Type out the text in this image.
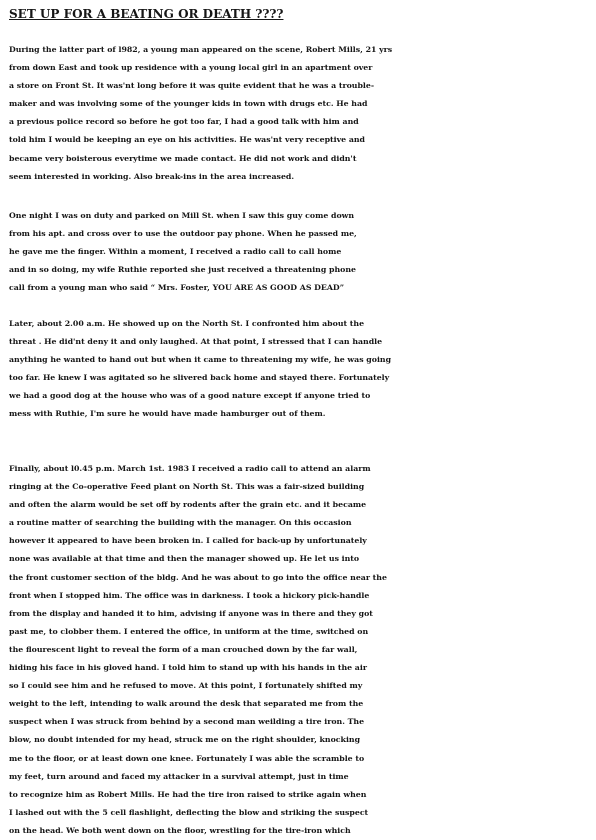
SET UP FOR A BEATING OR DEATH ????
During the latter part of l982, a young man appeared on the scene, Robert Mills, 21 yrs
from down East and took up residence with a young local girl in an apartment over
a store on Front St. It was'nt long before it was quite evident that he was a trouble-
maker and was involving some of the younger kids in town with drugs etc. He had
a previous police record so before he got too far, I had a good talk with him and
told him I would be keeping an eye on his activities. He was'nt very receptive and
became very boisterous everytime we made contact. He did not work and didn't
seem interested in working. Also break-ins in the area increased.
One night I was on duty and parked on Mill St. when I saw this guy come down
from his apt. and cross over to use the outdoor pay phone. When he passed me,
he gave me the finger. Within a moment, I received a radio call to call home
and in so doing, my wife Ruthie reported she just received a threatening phone
call from a young man who said “ Mrs. Foster, YOU ARE AS GOOD AS DEAD”
Later, about 2.00 a.m. He showed up on the North St. I confronted him about the
threat . He did'nt deny it and only laughed. At that point, I stressed that I can handle
anything he wanted to hand out but when it came to threatening my wife, he was going
too far. He knew I was agitated so he slivered back home and stayed there. Fortunately
we had a good dog at the house who was of a good nature except if anyone tried to
mess with Ruthie, I'm sure he would have made hamburger out of them.
Finally, about l0.45 p.m. March 1st. 1983 I received a radio call to attend an alarm
ringing at the Co-operative Feed plant on North St. This was a fair-sized building
and often the alarm would be set off by rodents after the grain etc. and it became
a routine matter of searching the building with the manager. On this occasion
however it appeared to have been broken in. I called for back-up by unfortunately
none was available at that time and then the manager showed up. He let us into
the front customer section of the bldg. And he was about to go into the office near the
front when I stopped him. The office was in darkness. I took a hickory pick-handle
from the display and handed it to him, advising if anyone was in there and they got
past me, to clobber them. I entered the office, in uniform at the time, switched on
the flourescent light to reveal the form of a man crouched down by the far wall,
hiding his face in his gloved hand. I told him to stand up with his hands in the air
so I could see him and he refused to move. At this point, I fortunately shifted my
weight to the left, intending to walk around the desk that separated me from the
suspect when I was struck from behind by a second man weilding a tire iron. The
blow, no doubt intended for my head, struck me on the right shoulder, knocking
me to the floor, or at least down one knee. Fortunately I was able the scramble to
my feet, turn around and faced my attacker in a survival attempt, just in time
to recognize him as Robert Mills. He had the tire iron raised to strike again when
I lashed out with the 5 cell flashlight, deflecting the blow and striking the suspect
on the head. We both went down on the floor, wrestling for the tire-iron which
